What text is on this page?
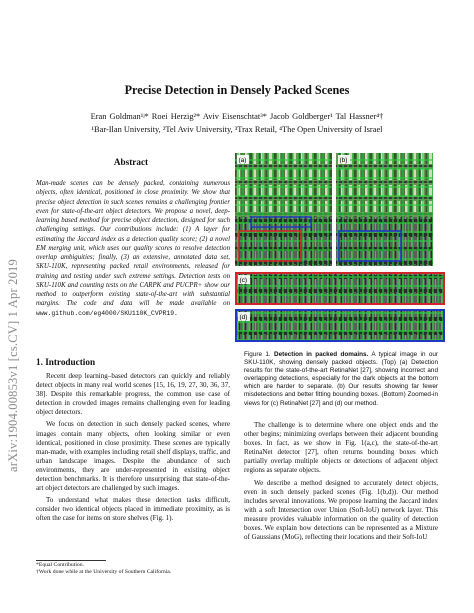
arXiv:1904.00853v1 [cs.CV] 1 Apr 2019
Precise Detection in Densely Packed Scenes
Eran Goldman¹ʲ* Roei Herzig²* Aviv Eisenschtat³* Jacob Goldberger¹ Tal Hassner⁴†
¹Bar-Ilan University, ²Tel Aviv University, ³Trax Retail, ⁴The Open University of Israel
Abstract
Man-made scenes can be densely packed, containing numerous objects, often identical, positioned in close proximity. We show that precise object detection in such scenes remains a challenging frontier even for state-of-the-art object detectors. We propose a novel, deep-learning based method for precise object detection, designed for such challenging settings. Our contributions include: (1) A layer for estimating the Jaccard index as a detection quality score; (2) a novel EM merging unit, which uses our quality scores to resolve detection overlap ambiguities; finally, (3) an extensive, annotated data set, SKU-110K, representing packed retail environments, released for training and testing under such extreme settings. Detection tests on SKU-110K and counting tests on the CARPK and PUCPR+ show our method to outperform existing state-of-the-art with substantial margins. The code and data will be made available on www.github.com/eg4000/SKU110K_CVPR19.
1. Introduction

Recent deep learning–based detectors can quickly and reliably detect objects in many real world scenes [15, 16, 19, 27, 30, 36, 37, 38]. Despite this remarkable progress, the common use case of detection in crowded images remains challenging even for leading object detectors.

We focus on detection in such densely packed scenes, where images contain many objects, often looking similar or even identical, positioned in close proximity. These scenes are typically man-made, with examples including retail shelf displays, traffic, and urban landscape images. Despite the abundance of such environments, they are under-represented in existing object detection benchmarks. It is therefore unsurprising that state-of-the-art object detectors are challenged by such images.

To understand what makes these detection tasks difficult, consider two identical objects placed in immediate proximity, as is often the case for items on store shelves (Fig. 1).

*Equal Contribution.
†Work done while at the University of Southern California.
(a)	(b)
(c)
(d)
Figure 1. Detection in packed domains. A typical image in our SKU-110K, showing densely packed objects. (Top) (a) Detection results for the state-of-the-art RetinaNet [27], showing incorrect and overlapping detections, especially for the dark objects at the bottom which are harder to separate. (b) Our results showing far fewer misdetections and better fitting bounding boxes. (Bottom) Zoomed-in views for (c) RetinaNet [27] and (d) our method.

The challenge is to determine where one object ends and the other begins; minimizing overlaps between their adjacent bounding boxes. In fact, as we show in Fig. 1(a,c), the state-of-the-art RetinaNet detector [27], often returns bounding boxes which partially overlap multiple objects or detections of adjacent object regions as separate objects.

We describe a method designed to accurately detect objects, even in such densely packed scenes (Fig. 1(b,d)). Our method includes several innovations. We propose learning the Jaccard index with a soft Intersection over Union (Soft-IoU) network layer. This measure provides valuable information on the quality of detection boxes. We explain how detections can be represented as a Mixture of Gaussians (MoG), reflecting their locations and their Soft-IoU
